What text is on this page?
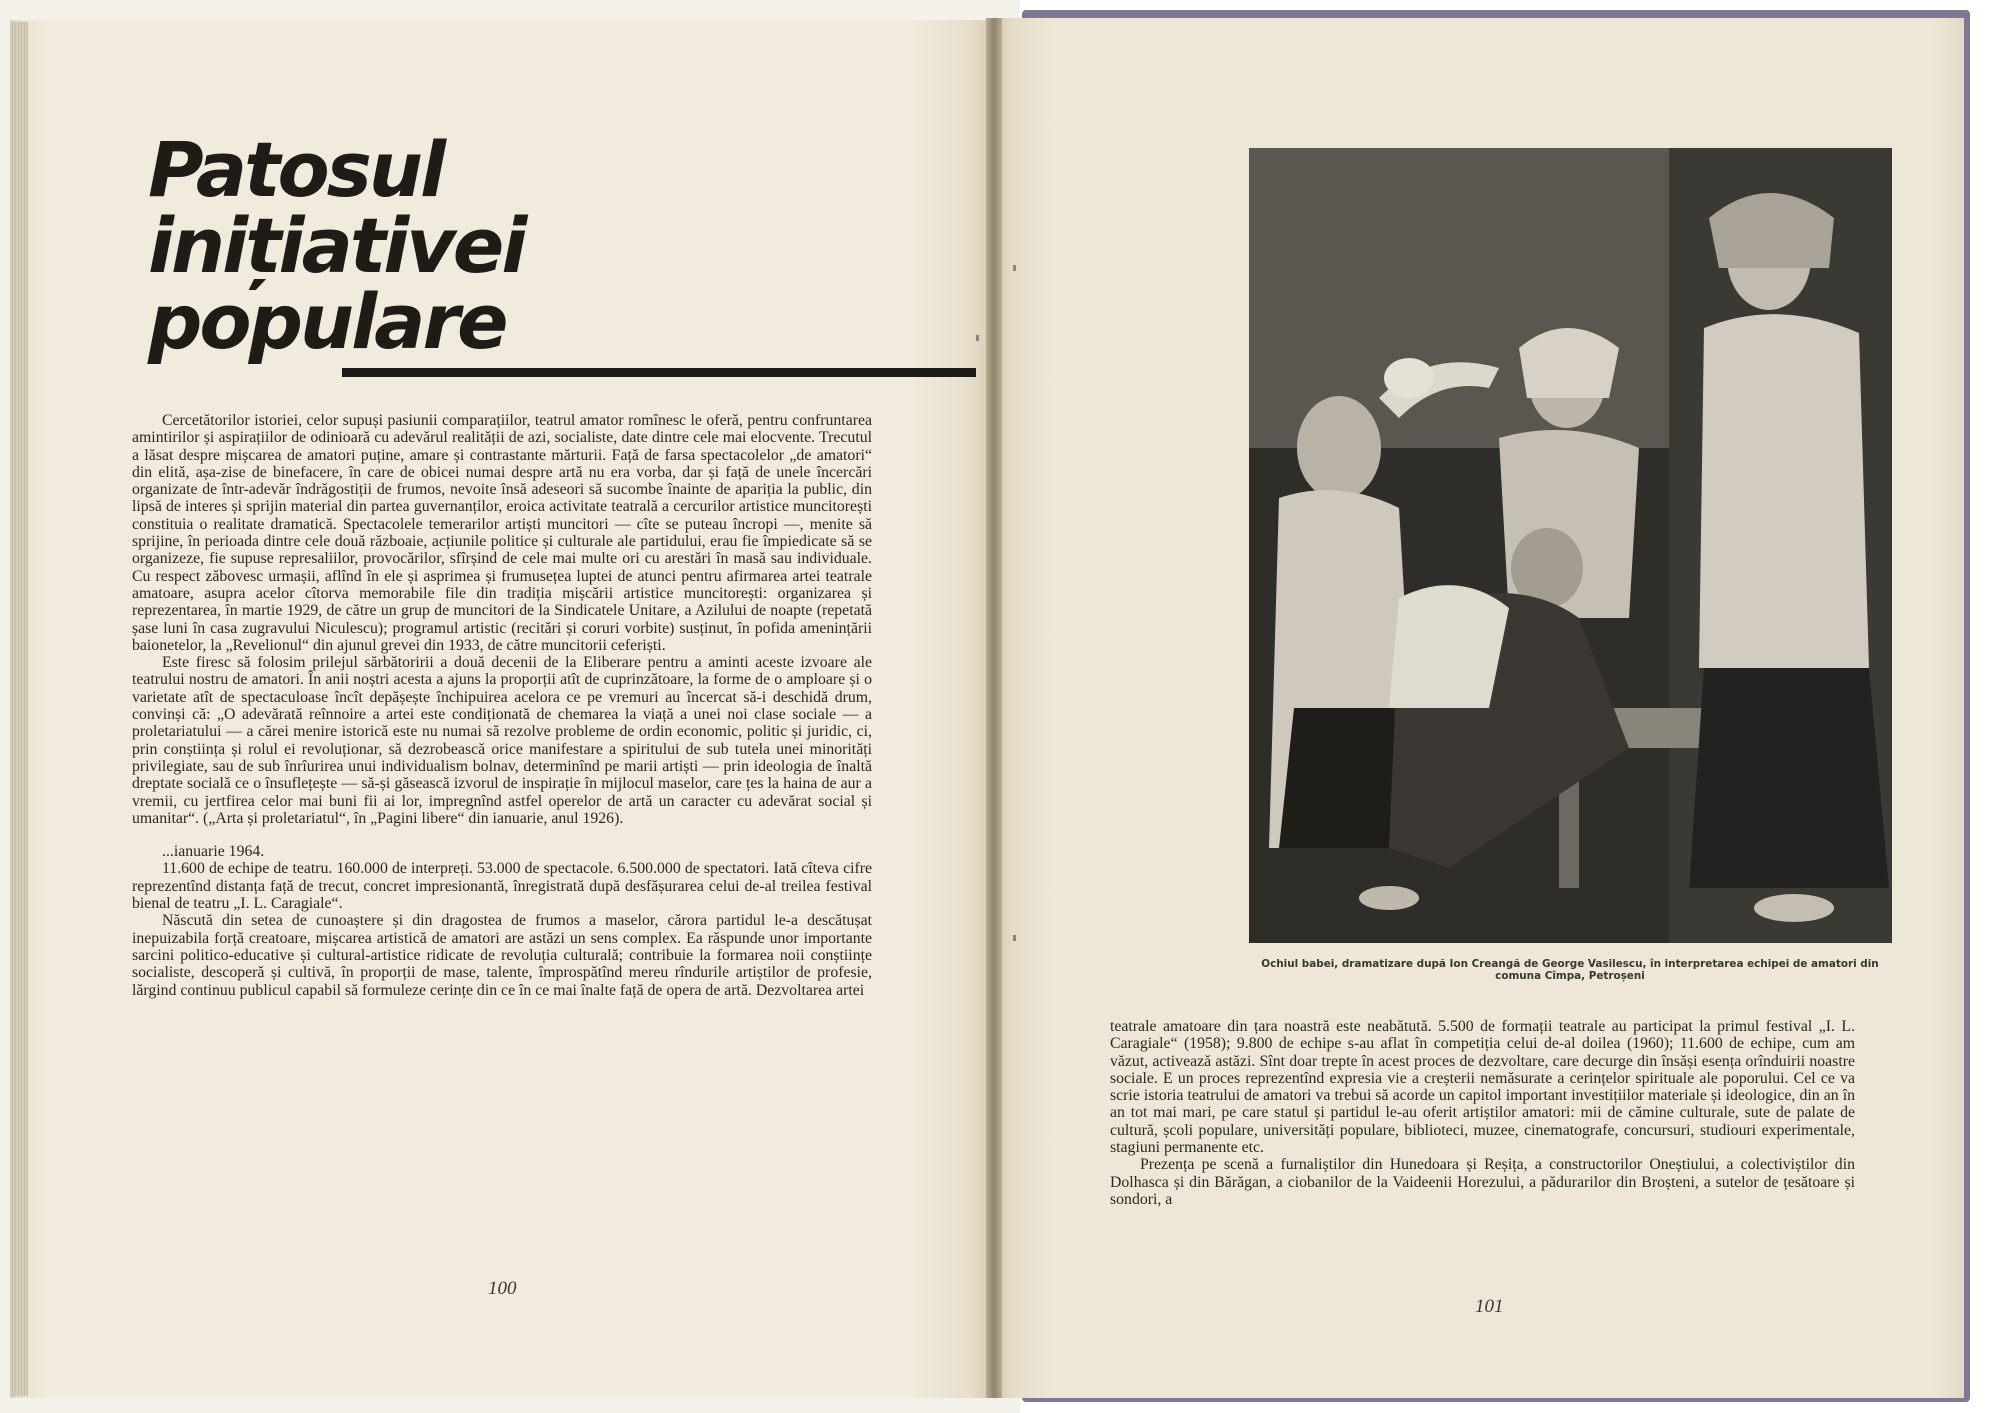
Patosul
inițiativei
populare

Cercetătorilor istoriei, celor supuși pasiunii comparațiilor, teatrul amator romînesc le oferă, pentru confruntarea amintirilor și aspirațiilor de odinioară cu adevărul realității de azi, socialiste, date dintre cele mai elocvente. Trecutul a lăsat despre mișcarea de amatori puține, amare și contrastante mărturii. Față de farsa spectacolelor „de amatori“ din elită, așa-zise de binefacere, în care de obicei numai despre artă nu era vorba, dar și față de unele încercări organizate de într-adevăr îndrăgostiții de frumos, nevoite însă adeseori să sucombe înainte de apariția la public, din lipsă de interes și sprijin material din partea guvernanților, eroica activitate teatrală a cercurilor artistice muncitorești constituia o realitate dramatică. Spectacolele temerarilor artiști muncitori — cîte se puteau încropi —, menite să sprijine, în perioada dintre cele două războaie, acțiunile politice și culturale ale partidului, erau fie împiedicate să se organizeze, fie supuse represaliilor, provocărilor, sfîrșind de cele mai multe ori cu arestări în masă sau individuale. Cu respect zăbovesc urmașii, aflînd în ele și asprimea și frumusețea luptei de atunci pentru afirmarea artei teatrale amatoare, asupra acelor cîtorva memorabile file din tradiția mișcării artistice muncitorești: organizarea și reprezentarea, în martie 1929, de către un grup de muncitori de la Sindicatele Unitare, a Azilului de noapte (repetată șase luni în casa zugravului Niculescu); programul artistic (recitări și coruri vorbite) susținut, în pofida amenințării baionetelor, la „Revelionul“ din ajunul grevei din 1933, de către muncitorii ceferiști.

Este firesc să folosim prilejul sărbătoririi a două decenii de la Eliberare pentru a aminti aceste izvoare ale teatrului nostru de amatori. În anii noștri acesta a ajuns la proporții atît de cuprinzătoare, la forme de o amploare și o varietate atît de spectaculoase încît depășește închipuirea acelora ce pe vremuri au încercat să-i deschidă drum, convinși că: „O adevărată reînnoire a artei este condiționată de chemarea la viață a unei noi clase sociale — a proletariatului — a cărei menire istorică este nu numai să rezolve probleme de ordin economic, politic și juridic, ci, prin conștiința și rolul ei revoluționar, să dezrobească orice manifestare a spiritului de sub tutela unei minorități privilegiate, sau de sub înrîurirea unui individualism bolnav, determinînd pe marii artiști — prin ideologia de înaltă dreptate socială ce o însuflețește — să-și găsească izvorul de inspirație în mijlocul maselor, care țes la haina de aur a vremii, cu jertfirea celor mai buni fii ai lor, impregnînd astfel operelor de artă un caracter cu adevărat social și umanitar“. („Arta și proletariatul“, în „Pagini libere“ din ianuarie, anul 1926).

...ianuarie 1964.

11.600 de echipe de teatru. 160.000 de interpreți. 53.000 de spectacole. 6.500.000 de spectatori. Iată cîteva cifre reprezentînd distanța față de trecut, concret impresionantă, înregistrată după desfășurarea celui de-al treilea festival bienal de teatru „I. L. Caragiale“.

Născută din setea de cunoaștere și din dragostea de frumos a maselor, cărora partidul le-a descătușat inepuizabila forță creatoare, mișcarea artistică de amatori are astăzi un sens complex. Ea răspunde unor importante sarcini politico-educative și cultural-artistice ridicate de revoluția culturală; contribuie la formarea noii conștiințe socialiste, descoperă și cultivă, în proporții de mase, talente, împrospătînd mereu rîndurile artiștilor de profesie, lărgind continuu publicul capabil să formuleze cerințe din ce în ce mai înalte față de opera de artă. Dezvoltarea artei

100
Ochiul babei, dramatizare după Ion Creangă de George Vasilescu, în interpretarea echipei de amatori din comuna Cîmpa, Petroșeni

teatrale amatoare din țara noastră este neabătută. 5.500 de formații teatrale au participat la primul festival „I. L. Caragiale“ (1958); 9.800 de echipe s-au aflat în competiția celui de-al doilea (1960); 11.600 de echipe, cum am văzut, activează astăzi. Sînt doar trepte în acest proces de dezvoltare, care decurge din însăși esența orînduirii noastre sociale. E un proces reprezentînd expresia vie a creșterii nemăsurate a cerințelor spirituale ale poporului. Cel ce va scrie istoria teatrului de amatori va trebui să acorde un capitol important investițiilor materiale și ideologice, din an în an tot mai mari, pe care statul și partidul le-au oferit artiștilor amatori: mii de cămine culturale, sute de palate de cultură, școli populare, universități populare, biblioteci, muzee, cinematografe, concursuri, studiouri experimentale, stagiuni permanente etc.

Prezența pe scenă a furnaliștilor din Hunedoara și Reșița, a constructorilor Oneștiului, a colectiviștilor din Dolhasca și din Bărăgan, a ciobanilor de la Vaideenii Horezului, a pădurarilor din Broșteni, a sutelor de țesătoare și sondori, a

101
